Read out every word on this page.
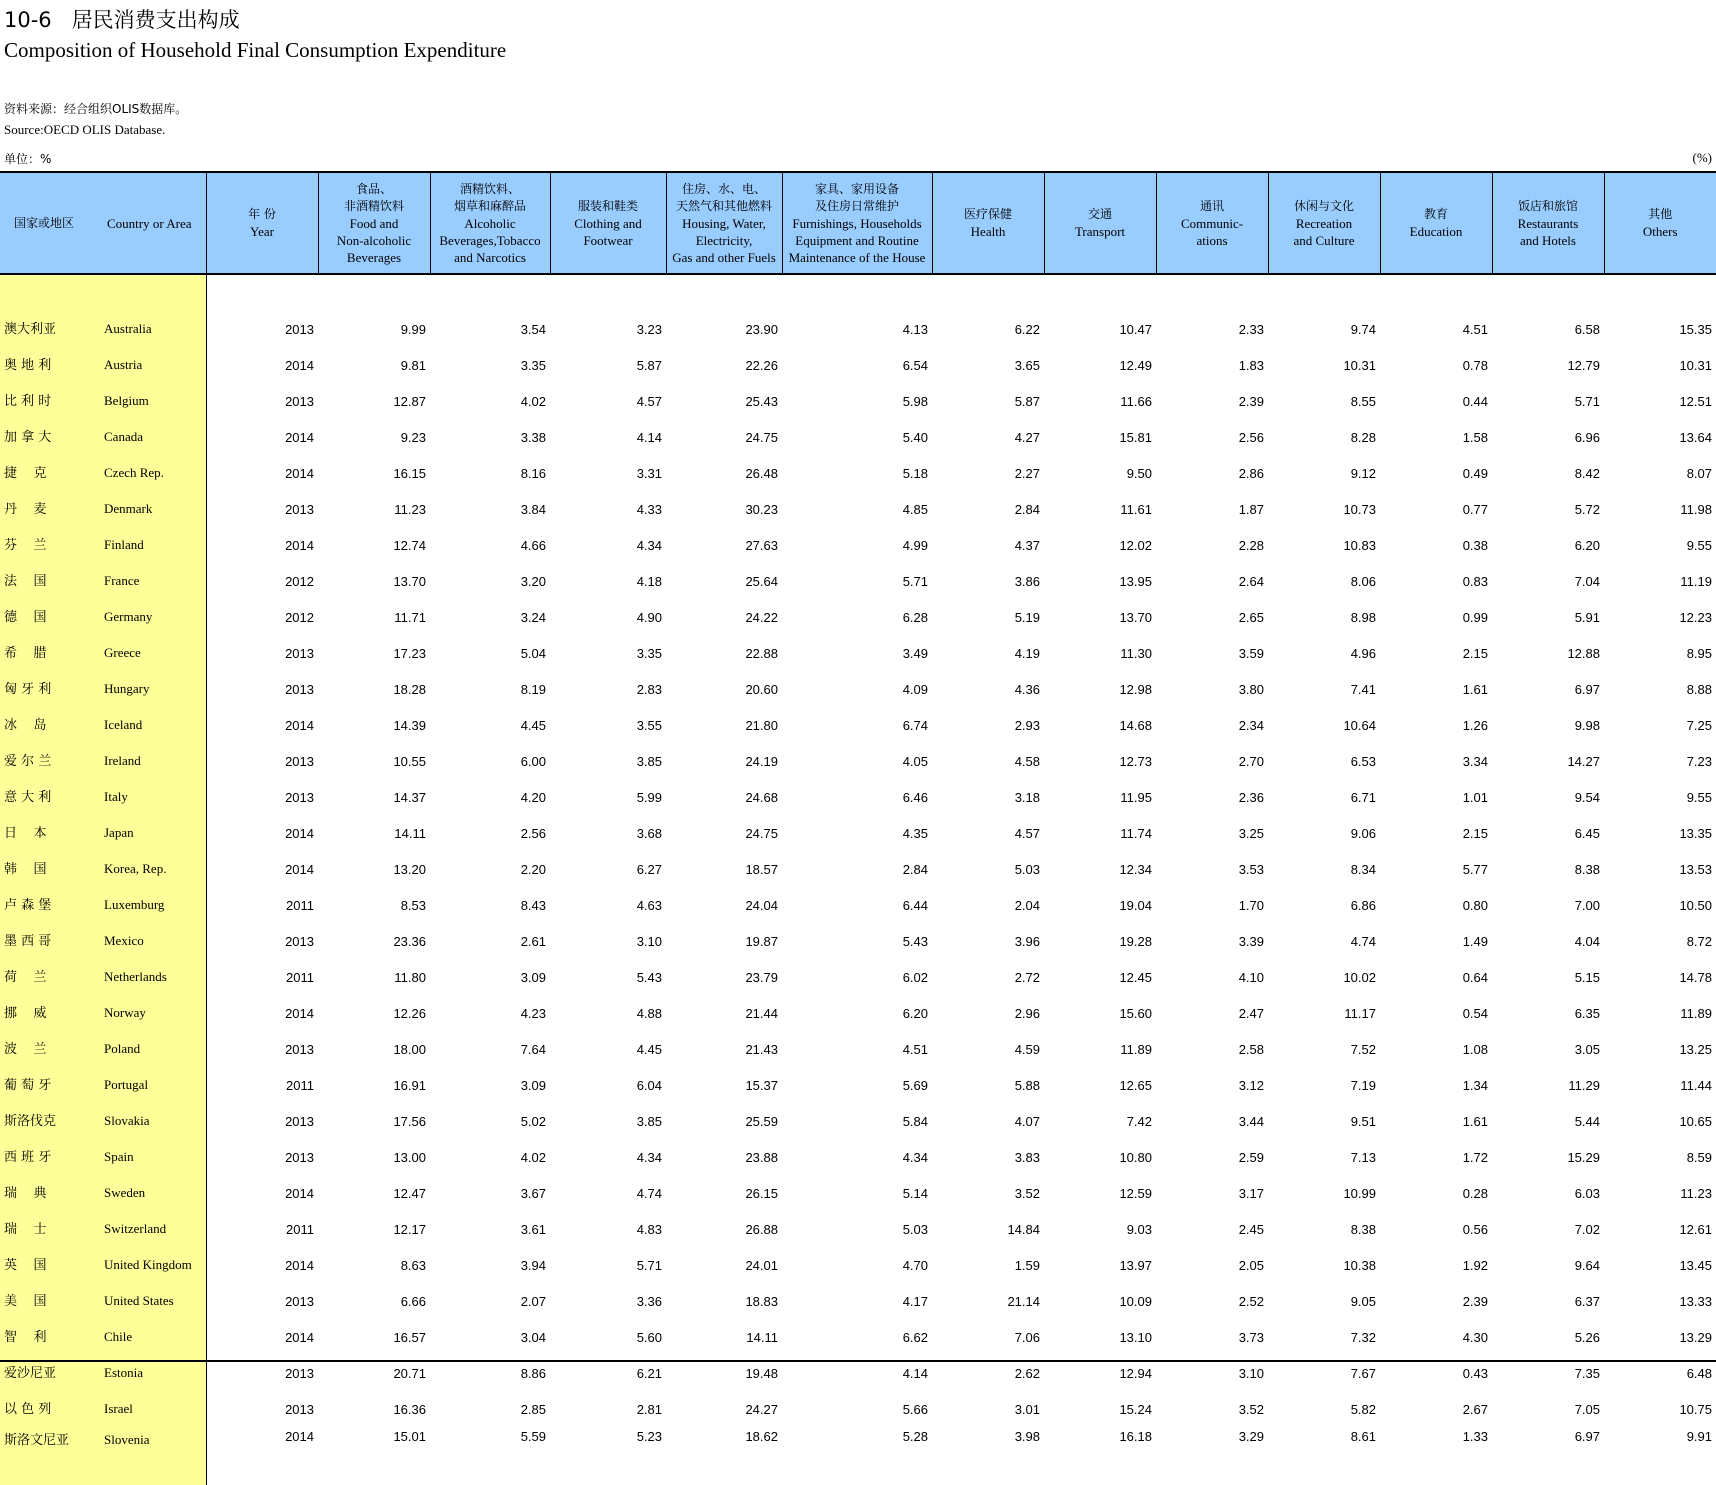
10-6   居民消费支出构成
Composition of Household Final Consumption Expenditure
资料来源：经合组织OLIS数据库。
Source:OECD OLIS Database.
单位：%	(%)
国家或地区 Country or Area	年 份
Year	食品、
非酒精饮料
Food and
Non-alcoholic
Beverages	酒精饮料、
烟草和麻醉品
Alcoholic
Beverages,Tobacco
and Narcotics	服装和鞋类
Clothing and
Footwear	住房、水、电、
天然气和其他燃料
Housing, Water,
Electricity,
Gas and other Fuels	家具、家用设备
及住房日常维护
Furnishings, Households
Equipment and Routine
Maintenance of the House	医疗保健
Health	交通
Transport	通讯
Communic-
ations	休闲与文化
Recreation
and Culture	教育
Education	饭店和旅馆
Restaurants
and Hotels	其他
Others

澳大利亚 Australia	2013	9.99	3.54	3.23	23.90	4.13	6.22	10.47	2.33	9.74	4.51	6.58	15.35
奥 地 利 Austria	2014	9.81	3.35	5.87	22.26	6.54	3.65	12.49	1.83	10.31	0.78	12.79	10.31
比 利 时 Belgium	2013	12.87	4.02	4.57	25.43	5.98	5.87	11.66	2.39	8.55	0.44	5.71	12.51
加 拿 大 Canada	2014	9.23	3.38	4.14	24.75	5.40	4.27	15.81	2.56	8.28	1.58	6.96	13.64
捷    克 Czech Rep.	2014	16.15	8.16	3.31	26.48	5.18	2.27	9.50	2.86	9.12	0.49	8.42	8.07
丹    麦 Denmark	2013	11.23	3.84	4.33	30.23	4.85	2.84	11.61	1.87	10.73	0.77	5.72	11.98
芬    兰 Finland	2014	12.74	4.66	4.34	27.63	4.99	4.37	12.02	2.28	10.83	0.38	6.20	9.55
法    国 France	2012	13.70	3.20	4.18	25.64	5.71	3.86	13.95	2.64	8.06	0.83	7.04	11.19
德    国 Germany	2012	11.71	3.24	4.90	24.22	6.28	5.19	13.70	2.65	8.98	0.99	5.91	12.23
希    腊 Greece	2013	17.23	5.04	3.35	22.88	3.49	4.19	11.30	3.59	4.96	2.15	12.88	8.95
匈 牙 利 Hungary	2013	18.28	8.19	2.83	20.60	4.09	4.36	12.98	3.80	7.41	1.61	6.97	8.88
冰    岛 Iceland	2014	14.39	4.45	3.55	21.80	6.74	2.93	14.68	2.34	10.64	1.26	9.98	7.25
爱 尔 兰 Ireland	2013	10.55	6.00	3.85	24.19	4.05	4.58	12.73	2.70	6.53	3.34	14.27	7.23
意 大 利 Italy	2013	14.37	4.20	5.99	24.68	6.46	3.18	11.95	2.36	6.71	1.01	9.54	9.55
日    本 Japan	2014	14.11	2.56	3.68	24.75	4.35	4.57	11.74	3.25	9.06	2.15	6.45	13.35
韩    国 Korea, Rep.	2014	13.20	2.20	6.27	18.57	2.84	5.03	12.34	3.53	8.34	5.77	8.38	13.53
卢 森 堡 Luxemburg	2011	8.53	8.43	4.63	24.04	6.44	2.04	19.04	1.70	6.86	0.80	7.00	10.50
墨 西 哥 Mexico	2013	23.36	2.61	3.10	19.87	5.43	3.96	19.28	3.39	4.74	1.49	4.04	8.72
荷    兰 Netherlands	2011	11.80	3.09	5.43	23.79	6.02	2.72	12.45	4.10	10.02	0.64	5.15	14.78
挪    威 Norway	2014	12.26	4.23	4.88	21.44	6.20	2.96	15.60	2.47	11.17	0.54	6.35	11.89
波    兰 Poland	2013	18.00	7.64	4.45	21.43	4.51	4.59	11.89	2.58	7.52	1.08	3.05	13.25
葡 萄 牙 Portugal	2011	16.91	3.09	6.04	15.37	5.69	5.88	12.65	3.12	7.19	1.34	11.29	11.44
斯洛伐克 Slovakia	2013	17.56	5.02	3.85	25.59	5.84	4.07	7.42	3.44	9.51	1.61	5.44	10.65
西 班 牙 Spain	2013	13.00	4.02	4.34	23.88	4.34	3.83	10.80	2.59	7.13	1.72	15.29	8.59
瑞    典 Sweden	2014	12.47	3.67	4.74	26.15	5.14	3.52	12.59	3.17	10.99	0.28	6.03	11.23
瑞    士 Switzerland	2011	12.17	3.61	4.83	26.88	5.03	14.84	9.03	2.45	8.38	0.56	7.02	12.61
英    国 United Kingdom	2014	8.63	3.94	5.71	24.01	4.70	1.59	13.97	2.05	10.38	1.92	9.64	13.45
美    国 United States	2013	6.66	2.07	3.36	18.83	4.17	21.14	10.09	2.52	9.05	2.39	6.37	13.33
智    利 Chile	2014	16.57	3.04	5.60	14.11	6.62	7.06	13.10	3.73	7.32	4.30	5.26	13.29
爱沙尼亚 Estonia	2013	20.71	8.86	6.21	19.48	4.14	2.62	12.94	3.10	7.67	0.43	7.35	6.48
以 色 列 Israel	2013	16.36	2.85	2.81	24.27	5.66	3.01	15.24	3.52	5.82	2.67	7.05	10.75
斯洛文尼亚 Slovenia	2014	15.01	5.59	5.23	18.62	5.28	3.98	16.18	3.29	8.61	1.33	6.97	9.91
